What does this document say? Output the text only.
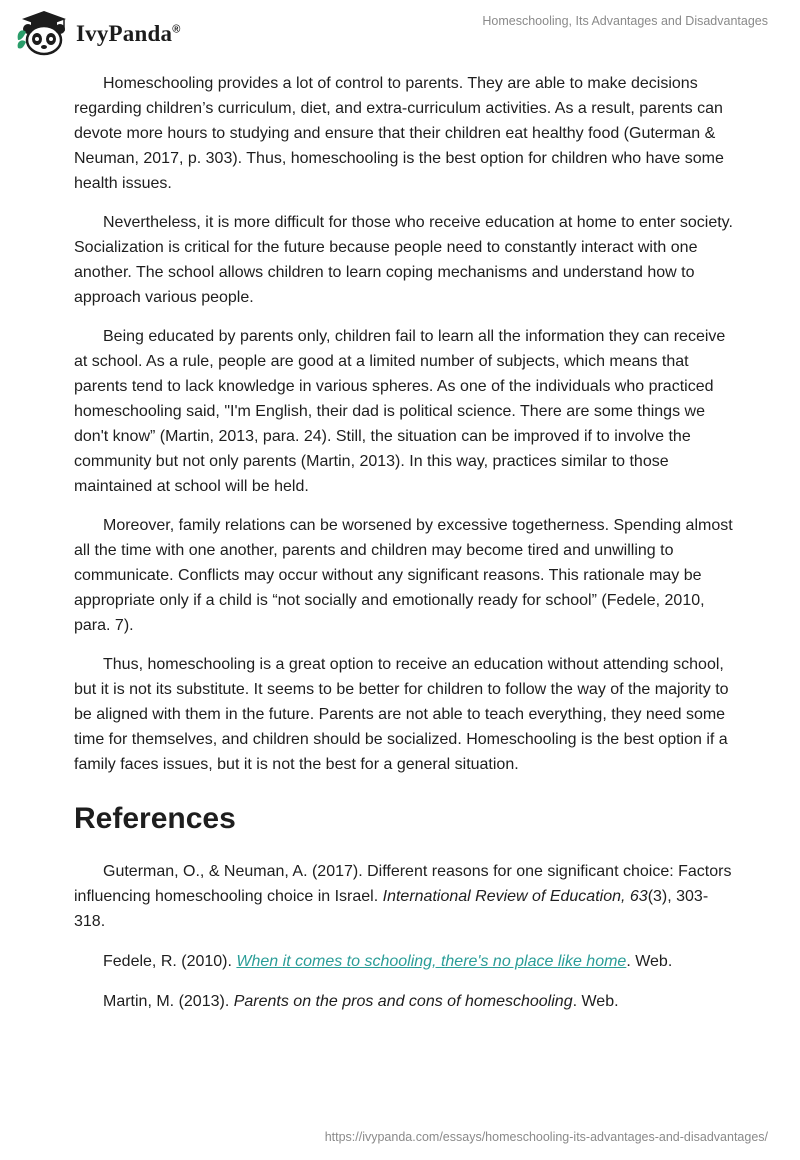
IvyPanda®
Homeschooling, Its Advantages and Disadvantages

Homeschooling provides a lot of control to parents. They are able to make decisions regarding children’s curriculum, diet, and extra-curriculum activities. As a result, parents can devote more hours to studying and ensure that their children eat healthy food (Guterman & Neuman, 2017, p. 303). Thus, homeschooling is the best option for children who have some health issues.

Nevertheless, it is more difficult for those who receive education at home to enter society. Socialization is critical for the future because people need to constantly interact with one another. The school allows children to learn coping mechanisms and understand how to approach various people.

Being educated by parents only, children fail to learn all the information they can receive at school. As a rule, people are good at a limited number of subjects, which means that parents tend to lack knowledge in various spheres. As one of the individuals who practiced homeschooling said, "I'm English, their dad is political science. There are some things we don't know” (Martin, 2013, para. 24). Still, the situation can be improved if to involve the community but not only parents (Martin, 2013). In this way, practices similar to those maintained at school will be held.

Moreover, family relations can be worsened by excessive togetherness. Spending almost all the time with one another, parents and children may become tired and unwilling to communicate. Conflicts may occur without any significant reasons. This rationale may be appropriate only if a child is “not socially and emotionally ready for school” (Fedele, 2010, para. 7).

Thus, homeschooling is a great option to receive an education without attending school, but it is not its substitute. It seems to be better for children to follow the way of the majority to be aligned with them in the future. Parents are not able to teach everything, they need some time for themselves, and children should be socialized. Homeschooling is the best option if a family faces issues, but it is not the best for a general situation.

References

Guterman, O., & Neuman, A. (2017). Different reasons for one significant choice: Factors influencing homeschooling choice in Israel. International Review of Education, 63(3), 303-318.

Fedele, R. (2010). When it comes to schooling, there's no place like home. Web.

Martin, M. (2013). Parents on the pros and cons of homeschooling. Web.

https://ivypanda.com/essays/homeschooling-its-advantages-and-disadvantages/
